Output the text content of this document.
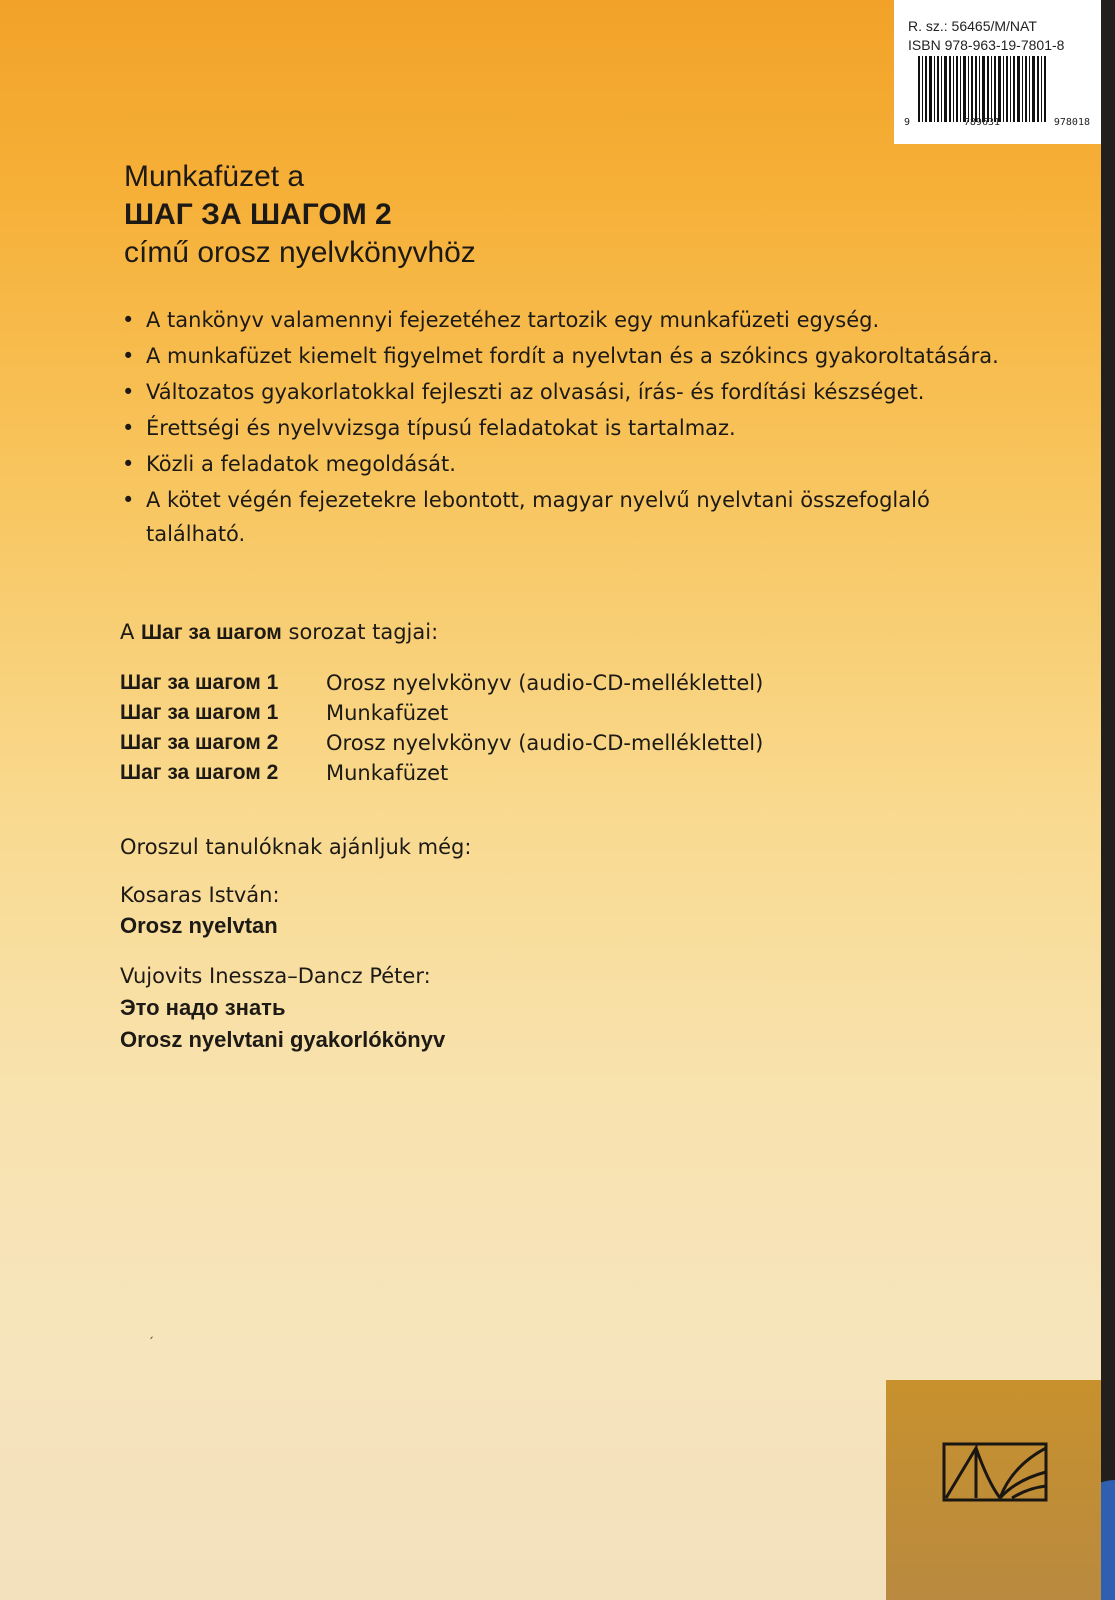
R. sz.: 56465/M/NAT
ISBN 978-963-19-7801-8
9	789631	978018
Munkafüzet a
ШАГ ЗА ШАГОМ 2
című orosz nyelvkönyvhöz
• A tankönyv valamennyi fejezetéhez tartozik egy munkafüzeti egység.
• A munkafüzet kiemelt figyelmet fordít a nyelvtan és a szókincs gyakoroltatására.
• Változatos gyakorlatokkal fejleszti az olvasási, írás- és fordítási készséget.
• Érettségi és nyelvvizsga típusú feladatokat is tartalmaz.
• Közli a feladatok megoldását.
• A kötet végén fejezetekre lebontott, magyar nyelvű nyelvtani összefoglaló található.
A Шаг за шагом sorozat tagjai:
Шаг за шагом 1	Orosz nyelvkönyv (audio-CD-melléklettel)
Шаг за шагом 1	Munkafüzet
Шаг за шагом 2	Orosz nyelvkönyv (audio-CD-melléklettel)
Шаг за шагом 2	Munkafüzet
Oroszul tanulóknak ajánljuk még:
Kosaras István:
Orosz nyelvtan
Vujovits Inessza–Dancz Péter:
Это надо знать
Orosz nyelvtani gyakorlókönyv
ˏ
